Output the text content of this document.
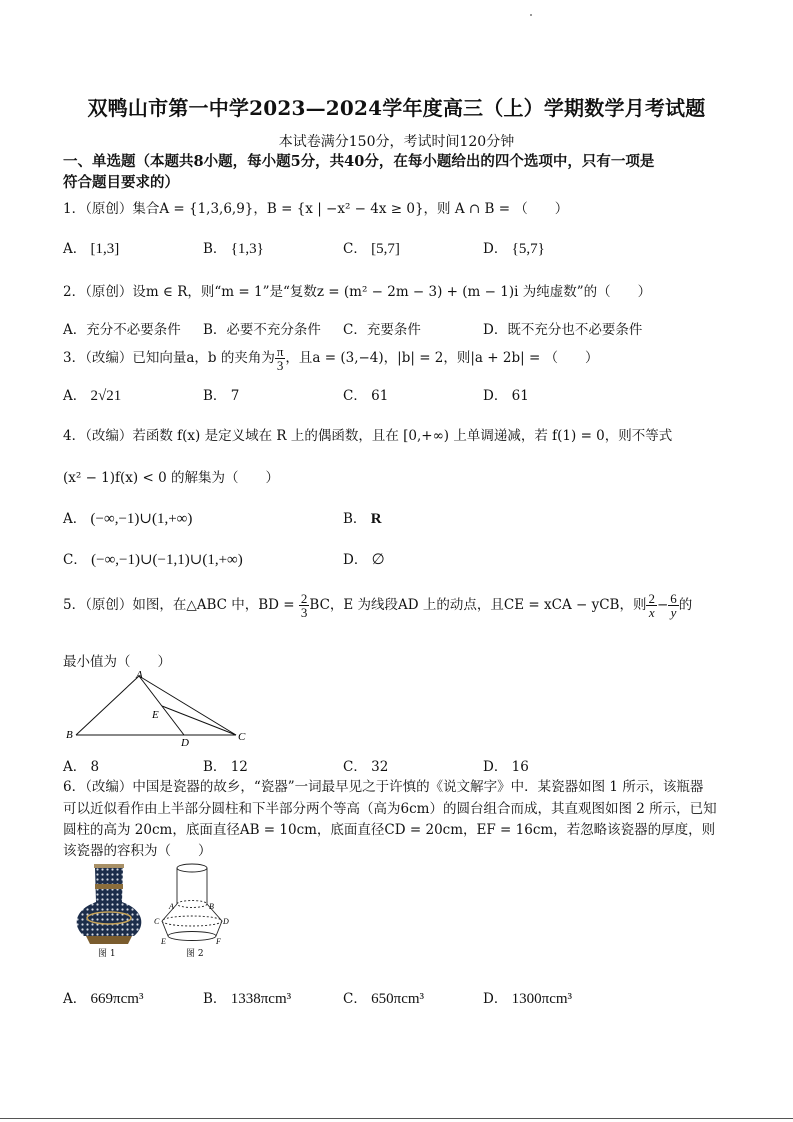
双鸭山市第一中学2023—2024学年度高三（上）学期数学月考试题
本试卷满分150分，考试时间120分钟
一、单选题（本题共8小题，每小题5分，共40分，在每小题给出的四个选项中，只有一项是
符合题目要求的）
1．（原创）集合A = {1,3,6,9}，B = {x | −x² − 4x ≥ 0}，则 A ∩ B = （　　）
A． [1,3]	B． {1,3}	C． [5,7]	D． {5,7}
2．（原创）设m ∈ R，则“m = 1”是“复数z = (m² − 2m − 3) + (m − 1)i 为纯虚数”的（　　）
A．充分不必要条件 B．必要不充分条件 C．充要条件	D．既不充分也不必要条件
3．（改编）已知向量a，b 的夹角为 $\frac{\pi}{3}$ ，且a = (3,−4)，|b| = 2，则|a + 2b| = （　　）
A． 2√21	B． 7	C． 61	D． 61
4．（改编）若函数 f(x) 是定义域在 R 上的偶函数，且在 [0,+∞) 上单调递减，若 f(1) = 0，则不等式
(x² − 1)f(x) < 0 的解集为（　　）
A． (−∞,−1)∪(1,+∞)	B． R
C． (−∞,−1)∪(−1,1)∪(1,+∞)	D． ∅
5．（原创）如图，在△ABC 中，BD = $\frac{2}{3}$ BC，E 为线段AD 上的动点，且CE = xCA − yCB，则 $\frac{2}{x} - \frac{6}{y}$ 的
最小值为（　　）
A
B	C
D
E
A． 8	B． 12	C． 32	D． 16
6．（改编）中国是瓷器的故乡，“瓷器”一词最早见之于许慎的《说文解字》中．某瓷器如图 1 所示，该瓶器
可以近似看作由上半部分圆柱和下半部分两个等高（高为6cm）的圆台组合而成，其直观图如图 2 所示，已知
圆柱的高为 20cm，底面直径AB = 10cm，底面直径CD = 20cm，EF = 16cm，若忽略该瓷器的厚度，则
该瓷器的容积为（　　）
图 1
A	B
C	D
E	F
图 2
A． 669πcm³	B． 1338πcm³	C． 650πcm³	D． 1300πcm³
